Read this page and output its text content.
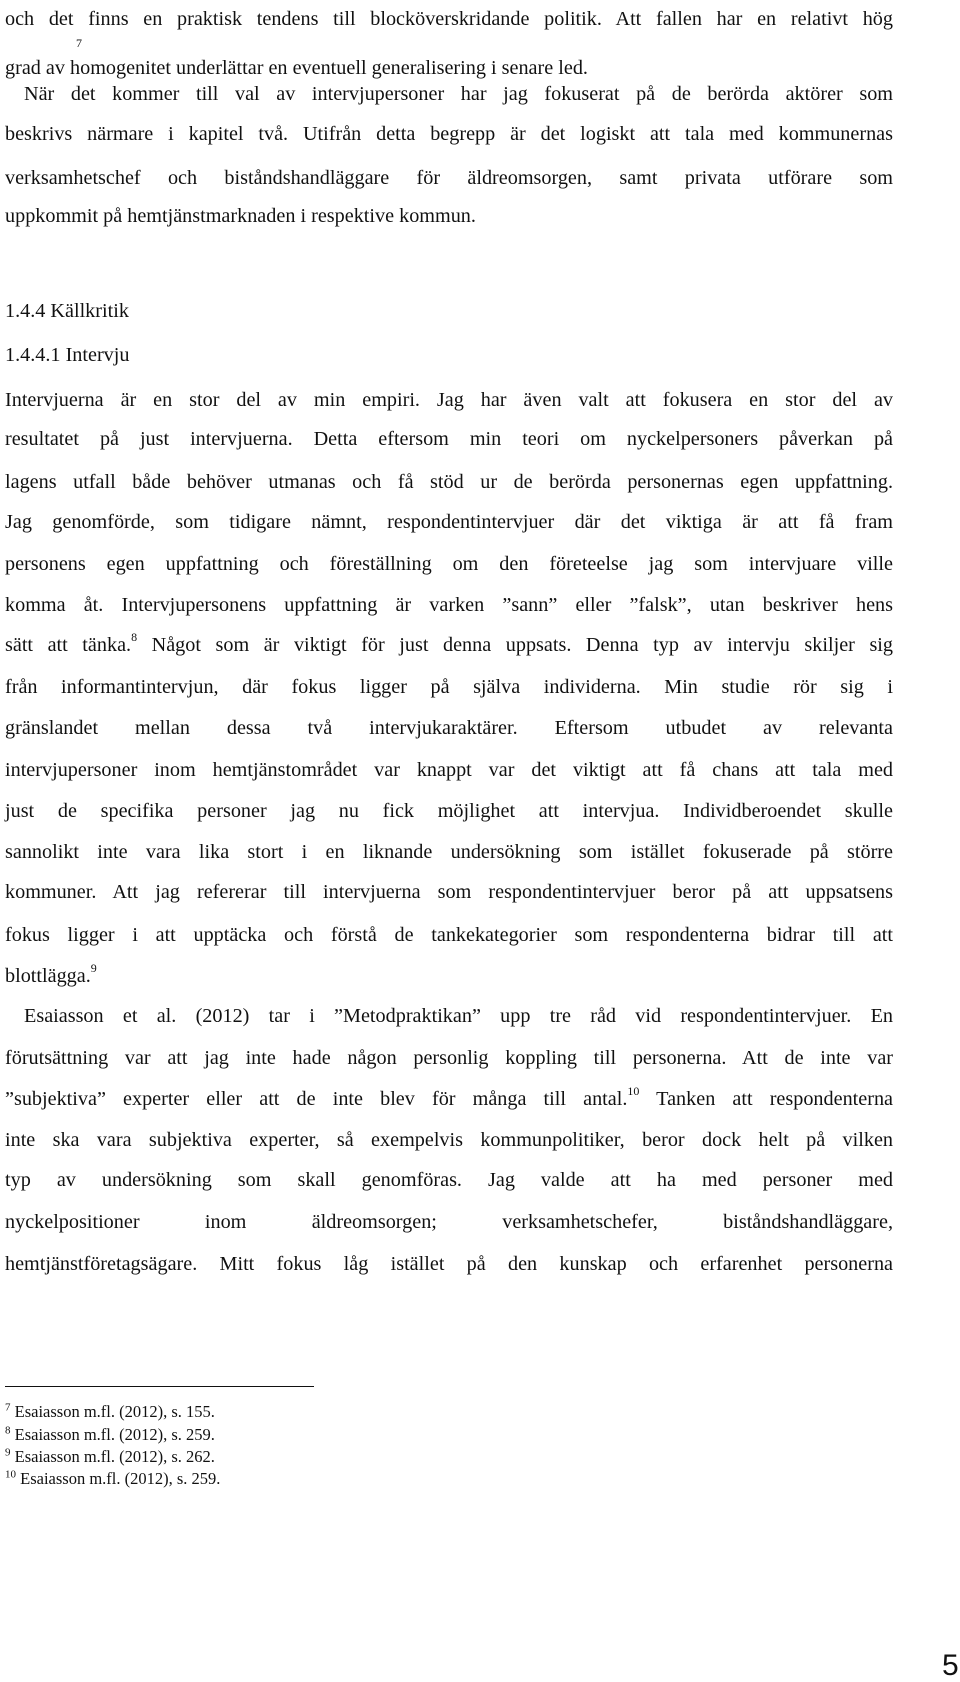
och det finns en praktisk tendens till blocköverskridande politik. Att fallen har en relativt hög
grad av homogenitet underlättar en eventuell generalisering i senare led.
7
När det kommer till val av intervjupersoner har jag fokuserat på de berörda aktörer som
beskrivs närmare i kapitel två. Utifrån detta begrepp är det logiskt att tala med kommunernas
verksamhetschef och biståndshandläggare för äldreomsorgen, samt privata utförare som
uppkommit på hemtjänstmarknaden i respektive kommun.
1.4.4 Källkritik
1.4.4.1 Intervju
Intervjuerna är en stor del av min empiri. Jag har även valt att fokusera en stor del av
resultatet på just intervjuerna. Detta eftersom min teori om nyckelpersoners påverkan på
lagens utfall både behöver utmanas och få stöd ur de berörda personernas egen uppfattning.
Jag genomförde, som tidigare nämnt, respondentintervjuer där det viktiga är att få fram
personens egen uppfattning och föreställning om den företeelse jag som intervjuare ville
komma åt. Intervjupersonens uppfattning är varken ”sann” eller ”falsk”, utan beskriver hens
sätt att tänka.$^8$ Något som är viktigt för just denna uppsats. Denna typ av intervju skiljer sig
från informantintervjun, där fokus ligger på själva individerna. Min studie rör sig i
gränslandet mellan dessa två intervjukaraktärer. Eftersom utbudet av relevanta
intervjupersoner inom hemtjänstområdet var knappt var det viktigt att få chans att tala med
just de specifika personer jag nu fick möjlighet att intervjua. Individberoendet skulle
sannolikt inte vara lika stort i en liknande undersökning som istället fokuserade på större
kommuner. Att jag refererar till intervjuerna som respondentintervjuer beror på att uppsatsens
fokus ligger i att upptäcka och förstå de tankekategorier som respondenterna bidrar till att
blottlägga.$^9$
Esaiasson et al. (2012) tar i ”Metodpraktikan” upp tre råd vid respondentintervjuer. En
förutsättning var att jag inte hade någon personlig koppling till personerna. Att de inte var
”subjektiva” experter eller att de inte blev för många till antal.$^{10}$ Tanken att respondenterna
inte ska vara subjektiva experter, så exempelvis kommunpolitiker, beror dock helt på vilken
typ av undersökning som skall genomföras. Jag valde att ha med personer med
nyckelpositioner inom äldreomsorgen; verksamhetschefer, biståndshandläggare,
hemtjänstföretagsägare. Mitt fokus låg istället på den kunskap och erfarenhet personerna
$^7$ Esaiasson m.fl. (2012), s. 155.
$^8$ Esaiasson m.fl. (2012), s. 259.
$^9$ Esaiasson m.fl. (2012), s. 262.
$^{10}$ Esaiasson m.fl. (2012), s. 259.
5
